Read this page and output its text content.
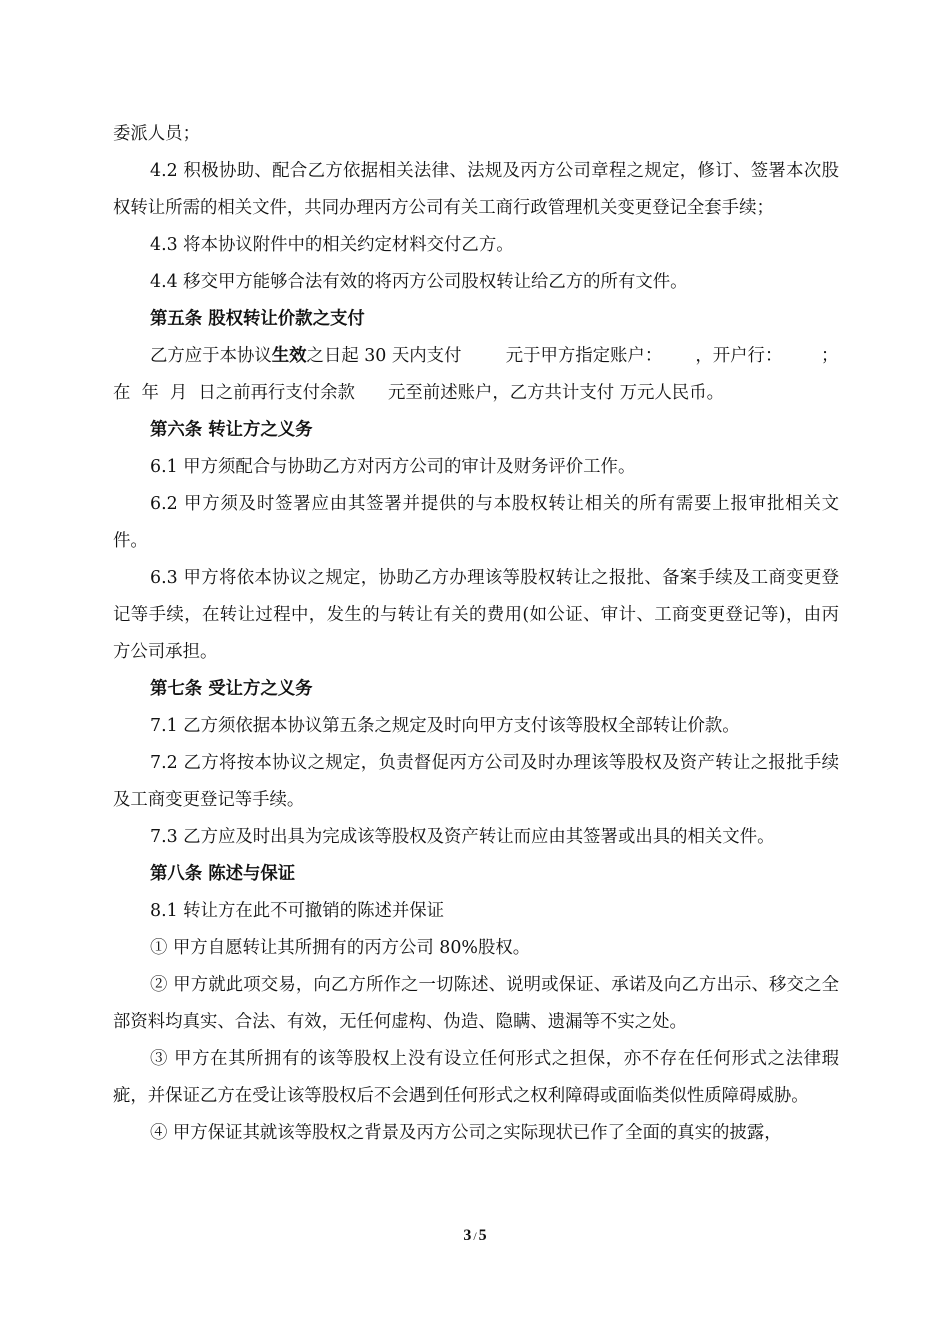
委派人员；

4.2 积极协助、配合乙方依据相关法律、法规及丙方公司章程之规定，修订、签署本次股权转让所需的相关文件，共同办理丙方公司有关工商行政管理机关变更登记全套手续；

4.3 将本协议附件中的相关约定材料交付乙方。

4.4 移交甲方能够合法有效的将丙方公司股权转让给乙方的所有文件。

第五条 股权转让价款之支付

乙方应于本协议生效之日起 30 天内支付        元于甲方指定账户：      ，开户行：       ；

在  年  月  日之前再行支付余款      元至前述账户，乙方共计支付 万元人民币。

第六条 转让方之义务

6.1 甲方须配合与协助乙方对丙方公司的审计及财务评价工作。

6.2 甲方须及时签署应由其签署并提供的与本股权转让相关的所有需要上报审批相关文件。

6.3 甲方将依本协议之规定，协助乙方办理该等股权转让之报批、备案手续及工商变更登记等手续，在转让过程中，发生的与转让有关的费用(如公证、审计、工商变更登记等)，由丙方公司承担。

第七条 受让方之义务

7.1 乙方须依据本协议第五条之规定及时向甲方支付该等股权全部转让价款。

7.2 乙方将按本协议之规定，负责督促丙方公司及时办理该等股权及资产转让之报批手续及工商变更登记等手续。

7.3 乙方应及时出具为完成该等股权及资产转让而应由其签署或出具的相关文件。

第八条 陈述与保证

8.1 转让方在此不可撤销的陈述并保证

① 甲方自愿转让其所拥有的丙方公司 80%股权。

② 甲方就此项交易，向乙方所作之一切陈述、说明或保证、承诺及向乙方出示、移交之全部资料均真实、合法、有效，无任何虚构、伪造、隐瞒、遗漏等不实之处。

③ 甲方在其所拥有的该等股权上没有设立任何形式之担保，亦不存在任何形式之法律瑕疵，并保证乙方在受让该等股权后不会遇到任何形式之权利障碍或面临类似性质障碍威胁。

④ 甲方保证其就该等股权之背景及丙方公司之实际现状已作了全面的真实的披露，

3 / 5
